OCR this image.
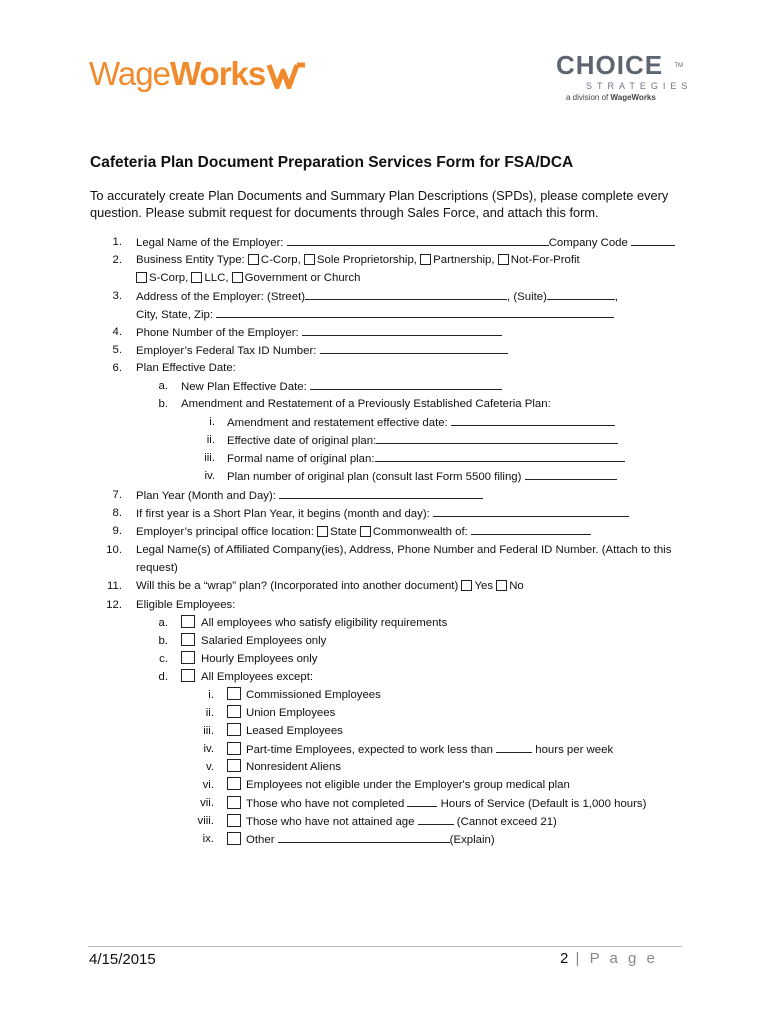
WageWorks	CHOICE TM
STRATEGIES
a division of WageWorks
Cafeteria Plan Document Preparation Services Form for FSA/DCA
To accurately create Plan Documents and Summary Plan Descriptions (SPDs), please complete every question. Please submit request for documents through Sales Force, and attach this form.
1. Legal Name of the Employer:	Company Code
2. Business Entity Type: C-Corp, Sole Proprietorship, Partnership, Not-For-Profit
S-Corp, LLC, Government or Church
3. Address of the Employer: (Street)	, (Suite)	,
City, State, Zip:
4. Phone Number of the Employer:
5. Employer’s Federal Tax ID Number:
6. Plan Effective Date:
a. New Plan Effective Date:
b. Amendment and Restatement of a Previously Established Cafeteria Plan:
i. Amendment and restatement effective date:
ii. Effective date of original plan:
iii. Formal name of original plan:
iv. Plan number of original plan (consult last Form 5500 filing)
7. Plan Year (Month and Day):
8. If first year is a Short Plan Year, it begins (month and day):
9. Employer’s principal office location: State Commonwealth of:
10. Legal Name(s) of Affiliated Company(ies), Address, Phone Number and Federal ID Number. (Attach to this
request)
11. Will this be a “wrap” plan? (Incorporated into another document) Yes No
12. Eligible Employees:
a.	All employees who satisfy eligibility requirements
b.	Salaried Employees only
c.	Hourly Employees only
d.	All Employees except:
i.	Commissioned Employees
ii.	Union Employees
iii.	Leased Employees
iv.	Part-time Employees, expected to work less than	hours per week
v.	Nonresident Aliens
vi.	Employees not eligible under the Employer's group medical plan
vii.	Those who have not completed	Hours of Service (Default is 1,000 hours)
viii.	Those who have not attained age	(Cannot exceed 21)
ix.	Other	(Explain)
4/15/2015	2 | P a g e
